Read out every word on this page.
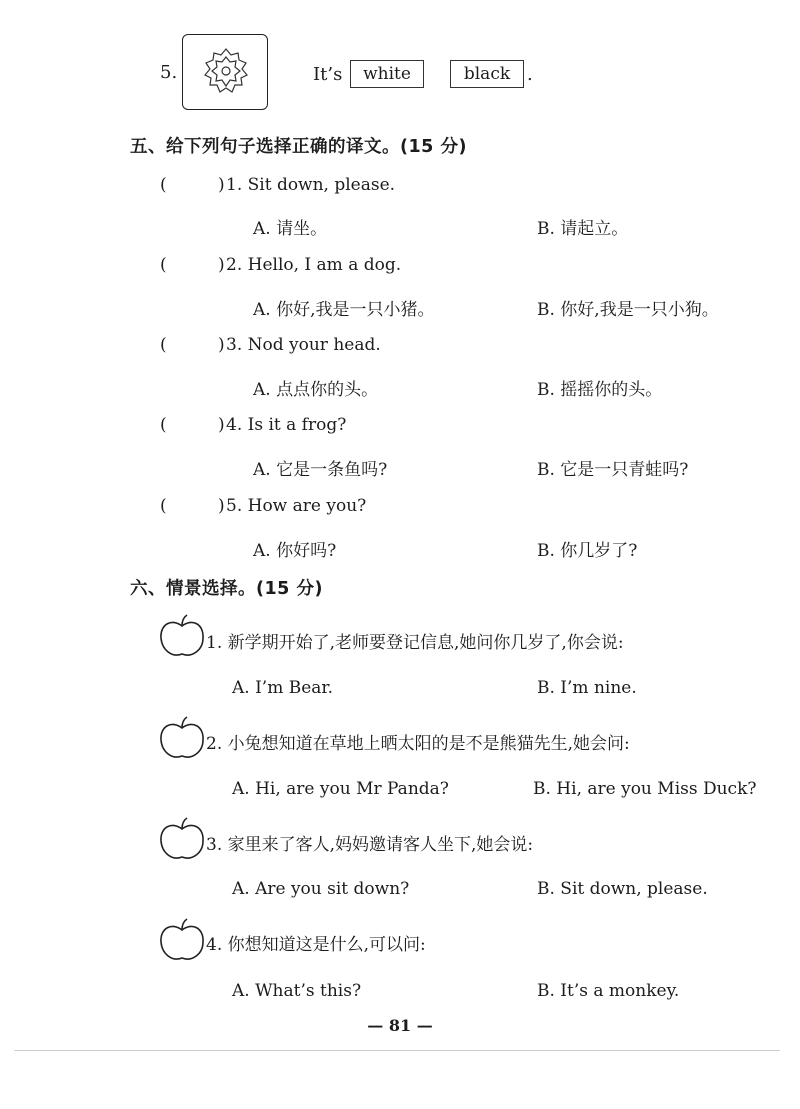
5.	It’s	white	black .
五、给下列句子选择正确的译文。(15 分)
(	) 1. Sit down, please.
A. 请坐。	B. 请起立。
(	) 2. Hello, I am a dog.
A. 你好,我是一只小猪。	B. 你好,我是一只小狗。
(	) 3. Nod your head.
A. 点点你的头。	B. 摇摇你的头。
(	) 4. Is it a frog?
A. 它是一条鱼吗?	B. 它是一只青蛙吗?
(	) 5. How are you?
A. 你好吗?	B. 你几岁了?
六、情景选择。(15 分)
1. 新学期开始了,老师要登记信息,她问你几岁了,你会说:
A. I’m Bear.	B. I’m nine.
2. 小兔想知道在草地上晒太阳的是不是熊猫先生,她会问:
A. Hi, are you Mr Panda?	B. Hi, are you Miss Duck?
3. 家里来了客人,妈妈邀请客人坐下,她会说:
A. Are you sit down?	B. Sit down, please.
4. 你想知道这是什么,可以问:
A. What’s this?	B. It’s a monkey.
— 81 —
